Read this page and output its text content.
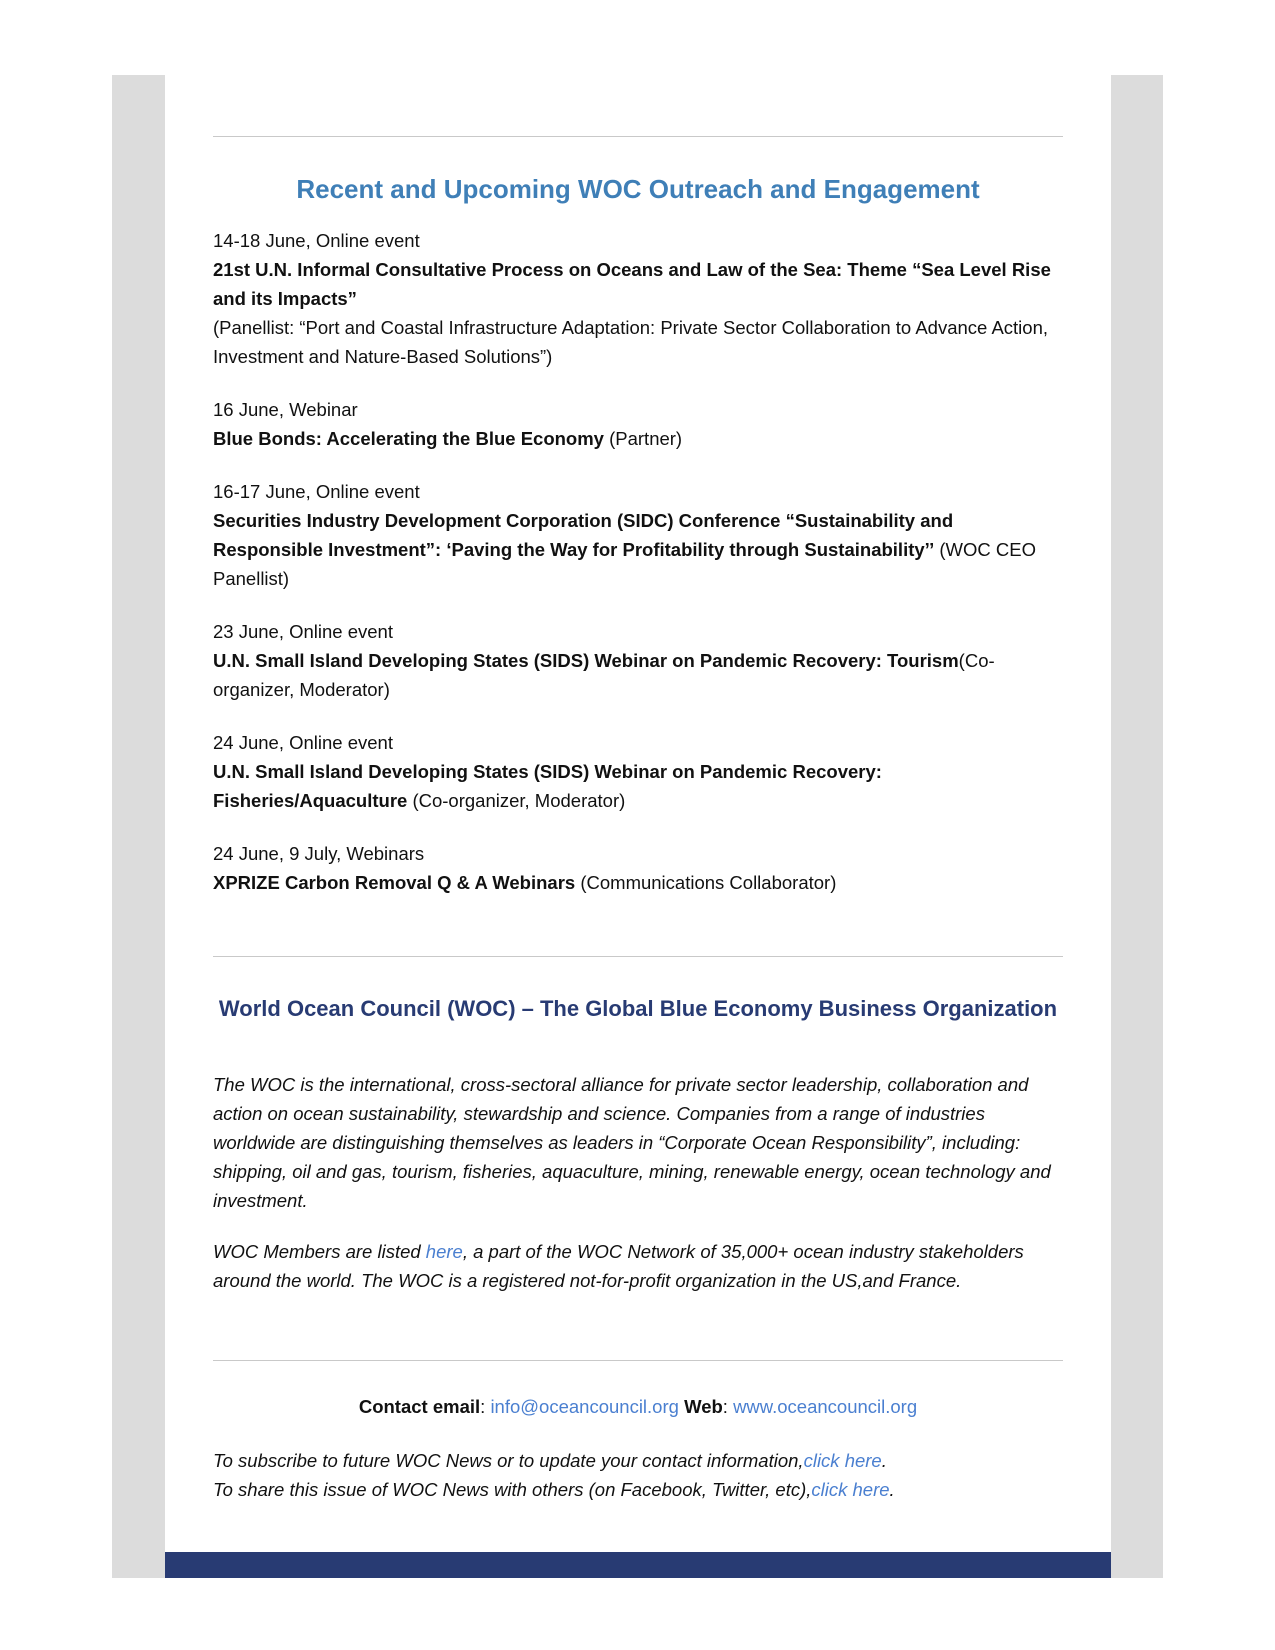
Recent and Upcoming WOC Outreach and Engagement
14-18 June, Online event
21st U.N. Informal Consultative Process on Oceans and Law of the Sea: Theme “Sea Level Rise and its Impacts”
(Panellist: “Port and Coastal Infrastructure Adaptation: Private Sector Collaboration to Advance Action, Investment and Nature-Based Solutions”)
16 June, Webinar
Blue Bonds: Accelerating the Blue Economy (Partner)
16-17 June, Online event
Securities Industry Development Corporation (SIDC) Conference “Sustainability and Responsible Investment”: ‘Paving the Way for Profitability through Sustainability’’ (WOC CEO Panellist)
23 June, Online event
U.N. Small Island Developing States (SIDS) Webinar on Pandemic Recovery: Tourism(Co-organizer, Moderator)
24 June, Online event
U.N. Small Island Developing States (SIDS) Webinar on Pandemic Recovery: Fisheries/Aquaculture (Co-organizer, Moderator)
24 June, 9 July, Webinars
XPRIZE Carbon Removal Q & A Webinars (Communications Collaborator)
World Ocean Council (WOC) – The Global Blue Economy Business Organization

The WOC is the international, cross-sectoral alliance for private sector leadership, collaboration and action on ocean sustainability, stewardship and science. Companies from a range of industries worldwide are distinguishing themselves as leaders in “Corporate Ocean Responsibility”, including: shipping, oil and gas, tourism, fisheries, aquaculture, mining, renewable energy, ocean technology and investment.

WOC Members are listed here, a part of the WOC Network of 35,000+ ocean industry stakeholders around the world. The WOC is a registered not-for-profit organization in the US,and France.

Contact email: info@oceancouncil.org Web: www.oceancouncil.org
To subscribe to future WOC News or to update your contact information,click here.
To share this issue of WOC News with others (on Facebook, Twitter, etc),click here.
